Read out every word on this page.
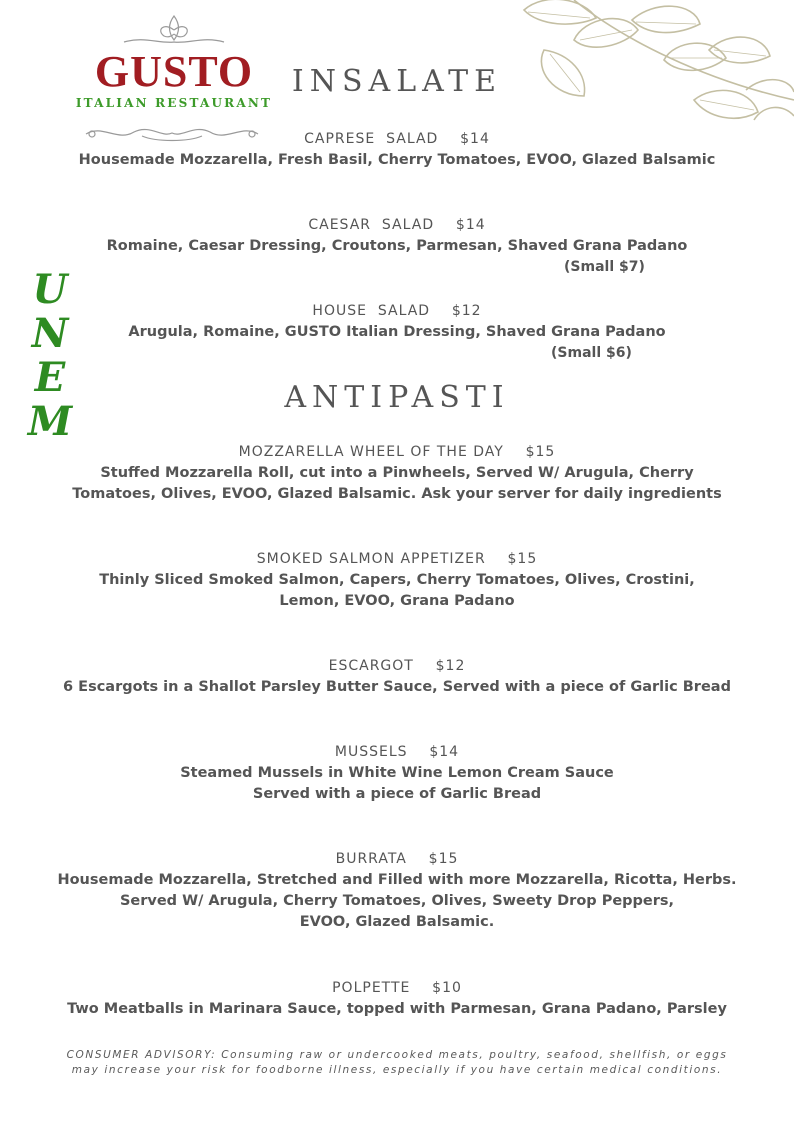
GUSTO
ITALIAN RESTAURANT
U
N
E
M
INSALATE
ANTIPASTI
CAPRESE  SALAD    $14
Housemade Mozzarella, Fresh Basil, Cherry Tomatoes, EVOO, Glazed Balsamic
CAESAR  SALAD    $14
Romaine, Caesar Dressing, Croutons, Parmesan, Shaved Grana Padano
(Small $7)
HOUSE  SALAD    $12
Arugula, Romaine, GUSTO Italian Dressing, Shaved Grana Padano
(Small $6)
MOZZARELLA WHEEL OF THE DAY    $15
Stuffed Mozzarella Roll, cut into a Pinwheels, Served W/ Arugula, Cherry
Tomatoes, Olives, EVOO, Glazed Balsamic. Ask your server for daily ingredients
SMOKED SALMON APPETIZER    $15
Thinly Sliced Smoked Salmon, Capers, Cherry Tomatoes, Olives, Crostini,
Lemon, EVOO, Grana Padano
ESCARGOT    $12
6 Escargots in a Shallot Parsley Butter Sauce, Served with a piece of Garlic Bread
MUSSELS    $14
Steamed Mussels in White Wine Lemon Cream Sauce
Served with a piece of Garlic Bread
BURRATA    $15
Housemade Mozzarella, Stretched and Filled with more Mozzarella, Ricotta, Herbs.
Served W/ Arugula, Cherry Tomatoes, Olives, Sweety Drop Peppers,
EVOO, Glazed Balsamic.
POLPETTE    $10
Two Meatballs in Marinara Sauce, topped with Parmesan, Grana Padano, Parsley
CONSUMER ADVISORY: Consuming raw or undercooked meats, poultry, seafood, shellfish, or eggs
may increase your risk for foodborne illness, especially if you have certain medical conditions.
